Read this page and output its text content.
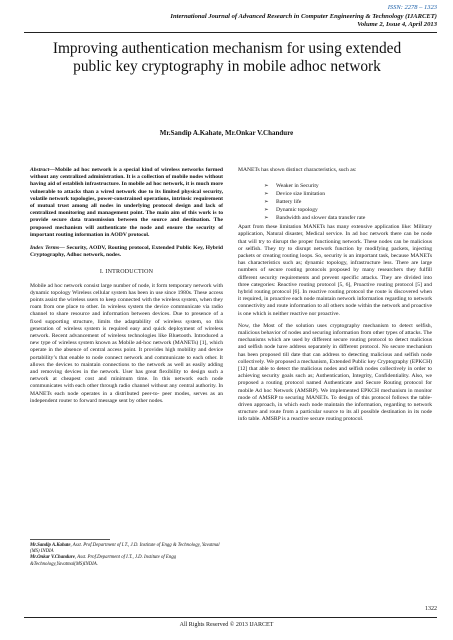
ISSN: 2278 – 1323
International Journal of Advanced Research in Computer Engineering & Technology (IJARCET)
Volume 2, Issue 4, April 2013
Improving authentication mechanism for using extended public key cryptography in mobile adhoc network
Mr.Sandip A.Kahate, Mr.Onkar V.Chandure

Abstract—Mobile ad hoc network is a special kind of wireless networks formed without any centralized administration. It is a collection of mobile nodes without having aid of establish infrastructure. In mobile ad hoc network, it is much more vulnerable to attacks than a wired network due to its limited physical security, volatile network topologies, power-constrained operations, intrinsic requirement of mutual trust among all nodes in underlying protocol design and lack of centralized monitoring and management point. The main aim of this work is to provide secure data transmission between the source and destination. The proposed mechanism will authenticate the node and ensure the security of important routing information in AODV protocol.

Index Terms— Security, AODV, Routing protocol, Extended Public Key, Hybrid Cryptography, Adhoc network, nodes.

I. INTRODUCTION

Mobile ad hoc network consist large number of node, it form temporary network with dynamic topology Wireless cellular system has been in use since 1980s. These access points assist the wireless users to keep connected with the wireless system, when they roam from one place to other. In wireless system the device communicate via radio channel to share resource and information between devices. Due to presence of a fixed supporting structure, limits the adaptability of wireless system, so this generation of wireless system is required easy and quick deployment of wireless network. Recent advancement of wireless technologies like Bluetooth. Introduced a new type of wireless system known as Mobile ad-hoc network (MANETs) [1], which operate in the absence of central access point. It provides high mobility and device portability’s that enable to node connect network and communicate to each other. It allows the devices to maintain connections to the network as well as easily adding and removing devices in the network. User has great flexibility to design such a network at cheapest cost and minimum time. In this network each node communicates with each other through radio channel without any central authority. In MANETs each node operates in a distributed peer-to- peer modes, serves as an independent router to forward message sent by other nodes.

Mr.Sandip A.Kahate, Asst. Prof.Department of I.T., J.D. Institute of Engg & Technology, Yavatmal (MS) INDIA
Mr.Onkar V.Chandure, Asst. Prof.Department of I.T., J.D. Institute of Engg &Technology,Yavatmal(MS)INDIA.

MANETs has shown distinct characteristics, such as:

➢ Weaker in Security
➢ Device size limitation
➢ Battery life
➢ Dynamic topology
➢ Bandwidth and slower data transfer rate

Apart from these limitation MANETs has many extensive application like: Military application, Natural disaster, Medical service. In ad hoc network there can be node that will try to disrupt the proper functioning network. These nodes can be malicious or selfish. They try to disrupt network function by modifying packets, injecting packets or creating routing loops. So, security is an important task, because MANETs has characteristics such as; dynamic topology, infrastructure less. There are large numbers of secure routing protocols proposed by many researchers they fulfill different security requirements and prevent specific attacks. They are divided into three categories: Reactive routing protocol [5, 6], Proactive routing protocol [5] and hybrid routing protocol [6]. In reactive routing protocol the route is discovered when it required, in proactive each node maintain network information regarding to network connectivity and route information to all others node within the network and proactive is one which is neither reactive nor proactive.

Now, the Most of the solution uses cryptography mechanism to detect selfish, malicious behavior of nodes and securing information from other types of attacks. The mechanisms which are used by different secure routing protocol to detect malicious and selfish node have address separately in different protocol. No secure mechanism has been proposed till date that can address to detecting malicious and selfish node collectively. We proposed a mechanism, Extended Public key Cryptography (EPKCH) [12] that able to detect the malicious nodes and selfish nodes collectively in order to achieving security goals such as; Authentication, Integrity, Confidentiality. Also, we proposed a routing protocol named Authenticate and Secure Routing protocol for mobile Ad hoc Network (AMSRP). We implemented EPKCH mechanism in monitor mode of AMSRP to securing MANETs. To design of this protocol follows the table-driven approach, in which each node maintain the information, regarding to network structure and route from a particular source to its all possible destination in its node info table. AMSRP is a reactive secure routing protocol.

1322
All Rights Reserved © 2013 IJARCET
